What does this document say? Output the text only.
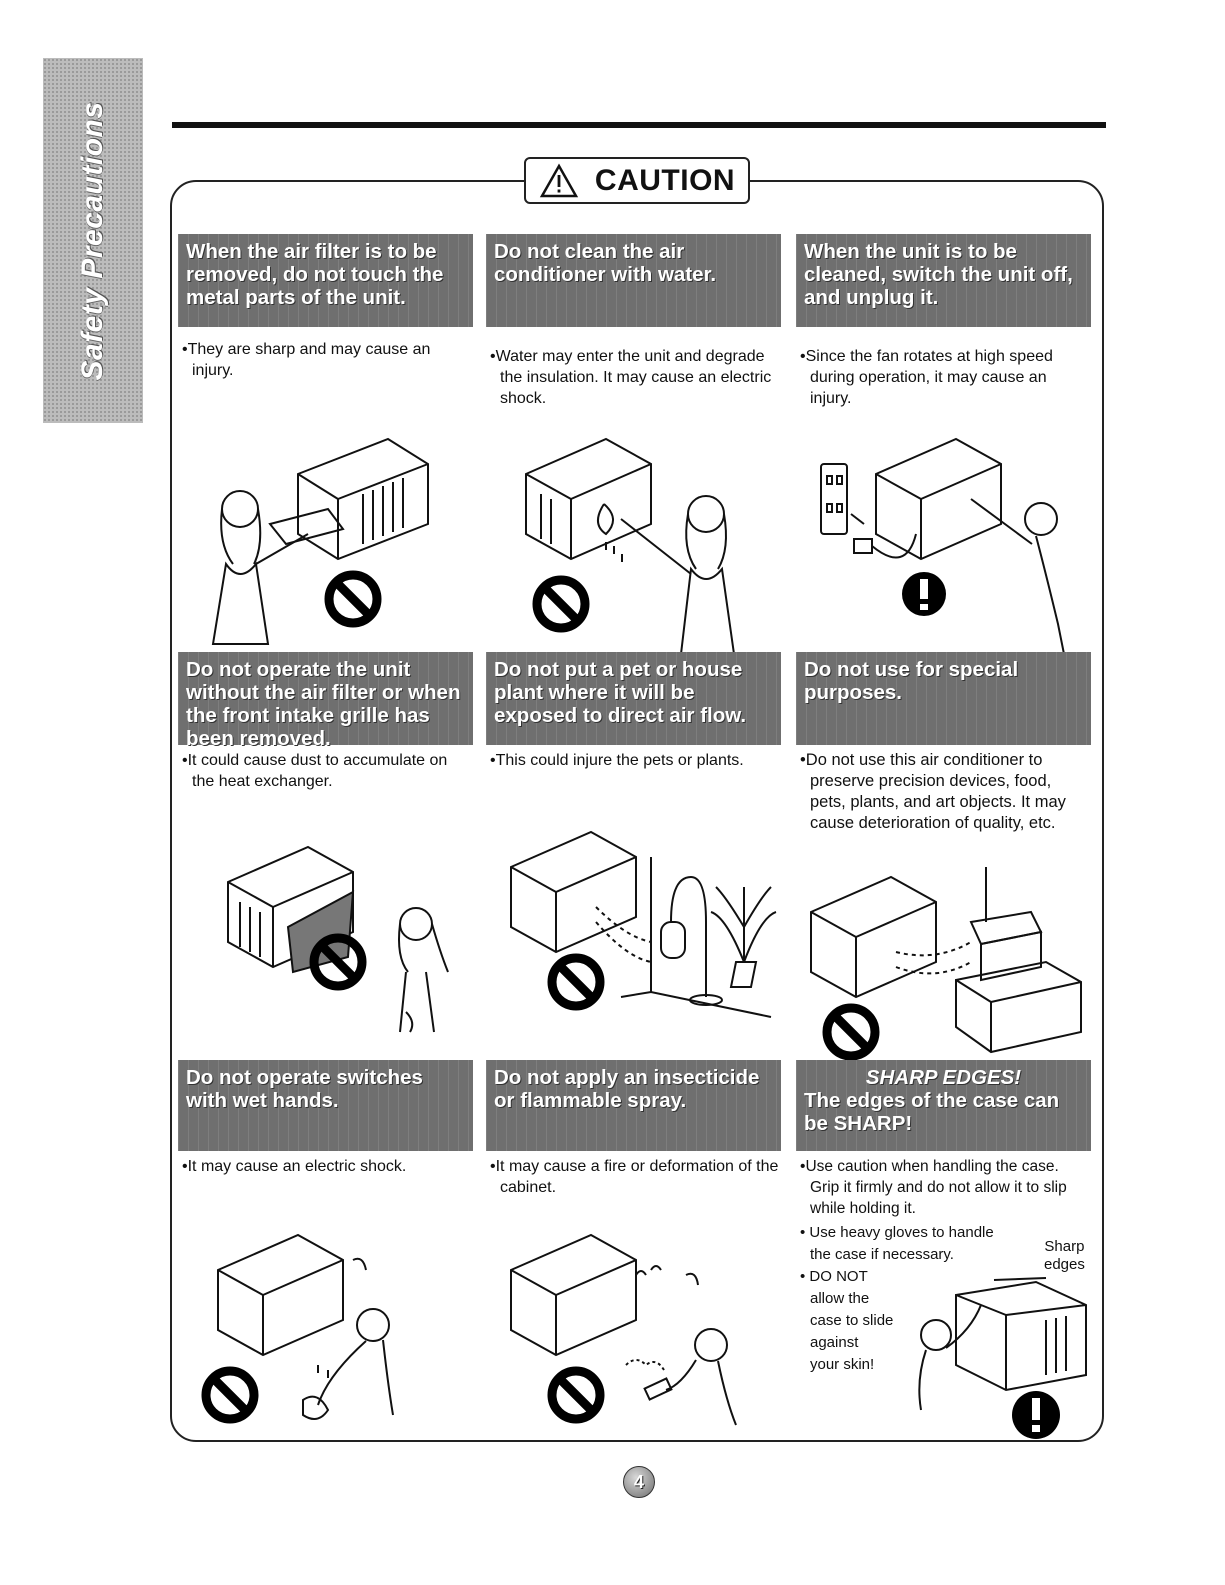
Safety Precautions	CAUTION
When the air filter is to be removed, do not touch the metal parts of the unit.

• They are sharp and may cause an injury.

Do not clean the air conditioner with water.

• Water may enter the unit and degrade the insulation. It may cause an electric shock.

When the unit is to be cleaned, switch the unit off, and unplug it.

• Since the fan rotates at high speed during operation, it may cause an injury.

Do not operate the unit without the air filter or when the front intake grille has been removed.

• It could cause dust to accumulate on the heat exchanger.

Do not put a pet or house plant where it will be exposed to direct air flow.

• This could injure the pets or plants.

Do not use for special purposes.

• Do not use this air conditioner to preserve precision devices, food, pets, plants, and art objects. It may cause deterioration of quality, etc.

Do not operate switches with wet hands.

• It may cause an electric shock.

Do not apply an insecticide or flammable spray.

• It may cause a fire or deformation of the cabinet.

SHARP EDGES!
The edges of the case can be SHARP!

• Use caution when handling the case. Grip it firmly and do not allow it to slip while holding it.

• Use heavy gloves to handle the case if necessary.
• DO NOT
allow the
case to slide
against
your skin!
Sharp
edges
4
